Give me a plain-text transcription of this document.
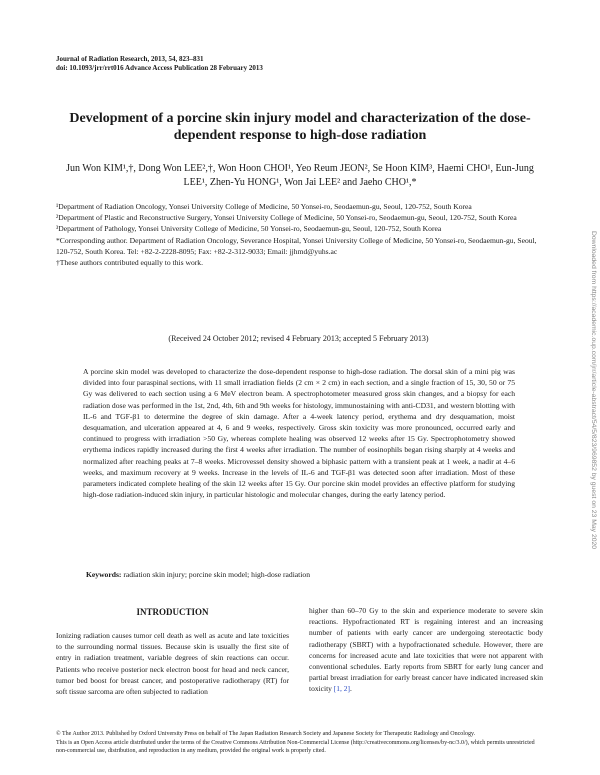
Journal of Radiation Research, 2013, 54, 823–831
doi: 10.1093/jrr/rrt016 Advance Access Publication 28 February 2013
Development of a porcine skin injury model and characterization of the dose-dependent response to high-dose radiation
Jun Won KIM¹,†, Dong Won LEE²,†, Won Hoon CHOI¹, Yeo Reum JEON², Se Hoon KIM³, Haemi CHO¹, Eun-Jung LEE¹, Zhen-Yu HONG¹, Won Jai LEE² and Jaeho CHO¹,*
¹Department of Radiation Oncology, Yonsei University College of Medicine, 50 Yonsei-ro, Seodaemun-gu, Seoul, 120-752, South Korea
²Department of Plastic and Reconstructive Surgery, Yonsei University College of Medicine, 50 Yonsei-ro, Seodaemun-gu, Seoul, 120-752, South Korea
³Department of Pathology, Yonsei University College of Medicine, 50 Yonsei-ro, Seodaemun-gu, Seoul, 120-752, South Korea
*Corresponding author. Department of Radiation Oncology, Severance Hospital, Yonsei University College of Medicine, 50 Yonsei-ro, Seodaemun-gu, Seoul, 120-752, South Korea. Tel: +82-2-2228-8095; Fax: +82-2-312-9033; Email: jjhmd@yuhs.ac
†These authors contributed equally to this work.
(Received 24 October 2012; revised 4 February 2013; accepted 5 February 2013)
A porcine skin model was developed to characterize the dose-dependent response to high-dose radiation. The dorsal skin of a mini pig was divided into four paraspinal sections, with 11 small irradiation fields (2 cm × 2 cm) in each section, and a single fraction of 15, 30, 50 or 75 Gy was delivered to each section using a 6 MeV electron beam. A spectrophotometer measured gross skin changes, and a biopsy for each radiation dose was performed in the 1st, 2nd, 4th, 6th and 9th weeks for histology, immunostaining with anti-CD31, and western blotting with IL-6 and TGF-β1 to determine the degree of skin damage. After a 4-week latency period, erythema and dry desquamation, moist desquamation, and ulceration appeared at 4, 6 and 9 weeks, respectively. Gross skin toxicity was more pronounced, occurred early and continued to progress with irradiation >50 Gy, whereas complete healing was observed 12 weeks after 15 Gy. Spectrophotometry showed erythema indices rapidly increased during the first 4 weeks after irradiation. The number of eosinophils began rising sharply at 4 weeks and normalized after reaching peaks at 7–8 weeks. Microvessel density showed a biphasic pattern with a transient peak at 1 week, a nadir at 4–6 weeks, and maximum recovery at 9 weeks. Increase in the levels of IL-6 and TGF-β1 was detected soon after irradiation. Most of these parameters indicated complete healing of the skin 12 weeks after 15 Gy. Our porcine skin model provides an effective platform for studying high-dose radiation-induced skin injury, in particular histologic and molecular changes, during the early latency period.
Keywords: radiation skin injury; porcine skin model; high-dose radiation
INTRODUCTION
Ionizing radiation causes tumor cell death as well as acute and late toxicities to the surrounding normal tissues. Because skin is usually the first site of entry in radiation treatment, variable degrees of skin reactions can occur. Patients who receive posterior neck electron boost for head and neck cancer, tumor bed boost for breast cancer, and postoperative radiotherapy (RT) for soft tissue sarcoma are often subjected to radiation
higher than 60–70 Gy to the skin and experience moderate to severe skin reactions. Hypofractionated RT is regaining interest and an increasing number of patients with early cancer are undergoing stereotactic body radiotherapy (SBRT) with a hypofractionated schedule. However, there are concerns for increased acute and late toxicities that were not apparent with conventional schedules. Early reports from SBRT for early lung cancer and partial breast irradiation for early breast cancer have indicated increased skin toxicity [1, 2].
© The Author 2013. Published by Oxford University Press on behalf of The Japan Radiation Research Society and Japanese Society for Therapeutic Radiology and Oncology.
This is an Open Access article distributed under the terms of the Creative Commons Attribution Non-Commercial License (http://creativecommons.org/licenses/by-nc/3.0/), which permits unrestricted non-commercial use, distribution, and reproduction in any medium, provided the original work is properly cited.
Downloaded from https://academic.oup.com/jrr/article-abstract/54/5/823/969852 by guest on 23 May 2020
